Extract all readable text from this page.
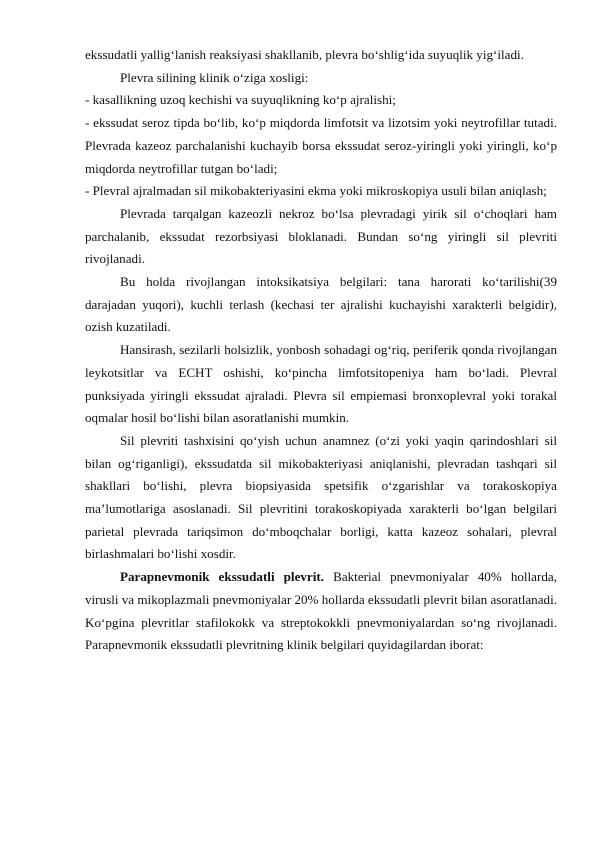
ekssudatli yallig‘lanish reaksiyasi shakllanib, plevra bo‘shlig‘ida suyuqlik yig‘iladi.

Plevra silining klinik o‘ziga xosligi:

- kasallikning uzoq kechishi va suyuqlikning ko‘p ajralishi;

- ekssudat seroz tipda bo‘lib, ko‘p miqdorda limfotsit va lizotsim yoki neytrofillar tutadi. Plevrada kazeoz parchalanishi kuchayib borsa ekssudat seroz-yiringli yoki yiringli, ko‘p miqdorda neytrofillar tutgan bo‘ladi;

- Plevral ajralmadan sil mikobakteriyasini ekma yoki mikroskopiya usuli bilan aniqlash;

Plevrada tarqalgan kazeozli nekroz bo‘lsa plevradagi yirik sil o‘choqlari ham parchalanib, ekssudat rezorbsiyasi bloklanadi. Bundan so‘ng yiringli sil plevriti rivojlanadi.

Bu holda rivojlangan intoksikatsiya belgilari: tana harorati ko‘tarilishi(39 darajadan yuqori), kuchli terlash (kechasi ter ajralishi kuchayishi xarakterli belgidir), ozish kuzatiladi.

Hansirash, sezilarli holsizlik, yonbosh sohadagi og‘riq, periferik qonda rivojlangan leykotsitlar va ECHT oshishi, ko‘pincha limfotsitopeniya ham bo‘ladi. Plevral punksiyada yiringli ekssudat ajraladi. Plevra sil empiemasi bronxoplevral yoki torakal oqmalar hosil bo‘lishi bilan asoratlanishi mumkin.

Sil plevriti tashxisini qo‘yish uchun anamnez (o‘zi yoki yaqin qarindoshlari sil bilan og‘riganligi), ekssudatda sil mikobakteriyasi aniqlanishi, plevradan tashqari sil shakllari bo‘lishi, plevra biopsiyasida spetsifik o‘zgarishlar va torakoskopiya ma’lumotlariga asoslanadi. Sil plevritini torakoskopiyada xarakterli bo‘lgan belgilari parietal plevrada tariqsimon do‘mboqchalar borligi, katta kazeoz sohalari, plevral birlashmalari bo‘lishi xosdir.

Parapnevmonik ekssudatli plevrit. Bakterial pnevmoniyalar 40% hollarda, virusli va mikoplazmali pnevmoniyalar 20% hollarda ekssudatli plevrit bilan asoratlanadi. Ko‘pgina plevritlar stafilokokk va streptokokkli pnevmoniyalardan so‘ng rivojlanadi. Parapnevmonik ekssudatli plevritning klinik belgilari quyidagilardan iborat:
